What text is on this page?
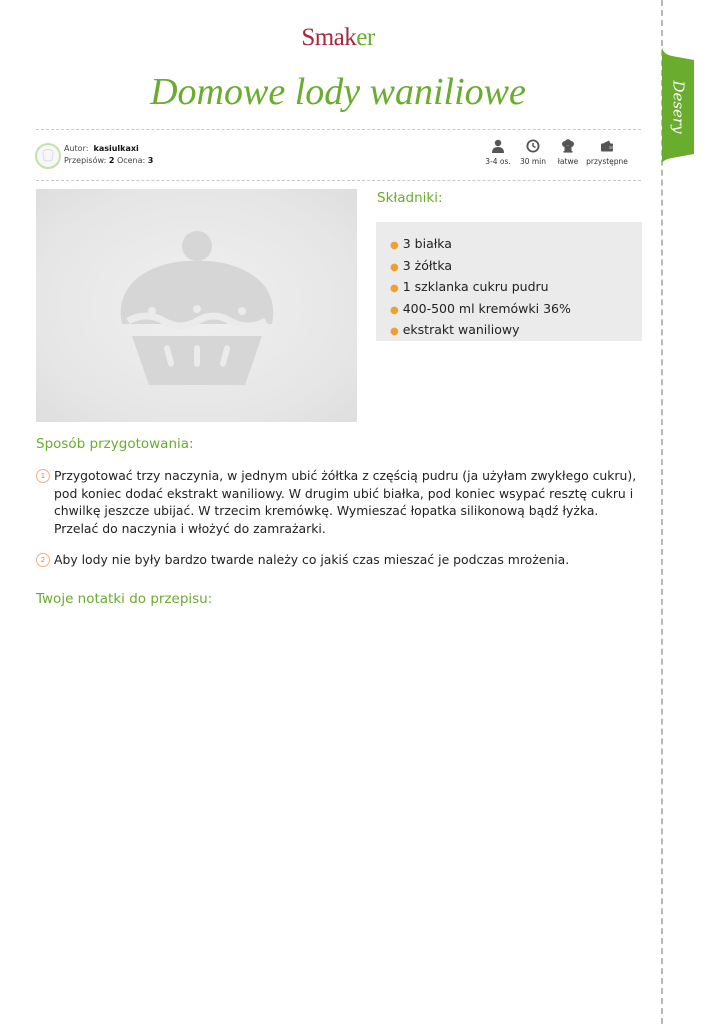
Desery
Smaker
Domowe lody waniliowe
Autor: kasiulkaxi
Przepisów: 2 Ocena: 3	3-4 os. 30 min	łatwe	przystępne
Składniki:
● 3 białka
● 3 żółtka
● 1 szklanka cukru pudru
● 400-500 ml kremówki 36%
● ekstrakt waniliowy
Sposób przygotowania:
1 Przygotować trzy naczynia, w jednym ubić żółtka z częścią pudru (ja użyłam zwykłego cukru), pod koniec dodać ekstrakt waniliowy. W drugim ubić białka, pod koniec wsypać resztę cukru i chwilkę jeszcze ubijać. W trzecim kremówkę. Wymieszać łopatka silikonową bądź łyżka. Przelać do naczynia i włożyć do zamrażarki.
2 Aby lody nie były bardzo twarde należy co jakiś czas mieszać je podczas mrożenia.
Twoje notatki do przepisu:
